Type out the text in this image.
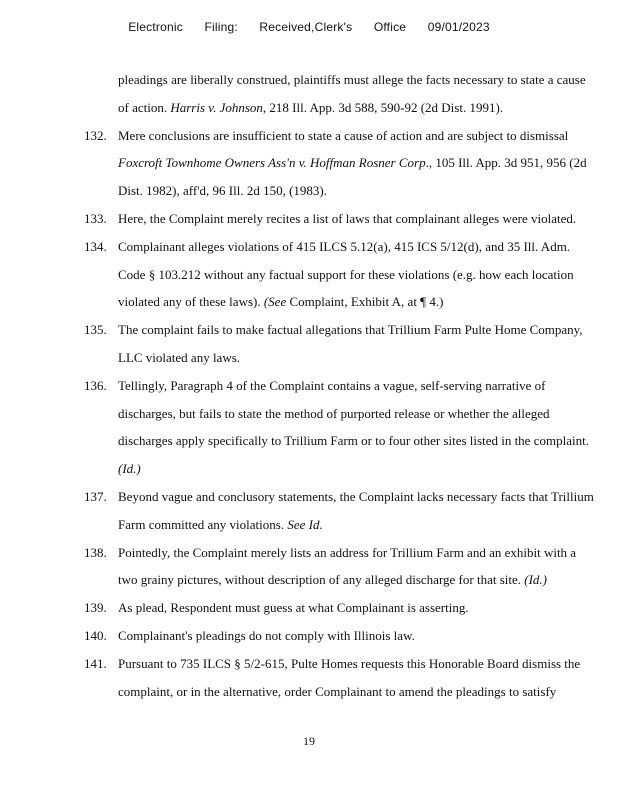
Electronic Filing: Received,Clerk's Office 09/01/2023
pleadings are liberally construed, plaintiffs must allege the facts necessary to state a cause of action. Harris v. Johnson, 218 Ill. App. 3d 588, 590-92 (2d Dist. 1991).
132. Mere conclusions are insufficient to state a cause of action and are subject to dismissal Foxcroft Townhome Owners Ass'n v. Hoffman Rosner Corp., 105 Ill. App. 3d 951, 956 (2d Dist. 1982), aff'd, 96 Ill. 2d 150, (1983).
133. Here, the Complaint merely recites a list of laws that complainant alleges were violated.
134. Complainant alleges violations of 415 ILCS 5.12(a), 415 ICS 5/12(d), and 35 Ill. Adm. Code § 103.212 without any factual support for these violations (e.g. how each location violated any of these laws). (See Complaint, Exhibit A, at ¶ 4.)
135. The complaint fails to make factual allegations that Trillium Farm Pulte Home Company, LLC violated any laws.
136. Tellingly, Paragraph 4 of the Complaint contains a vague, self-serving narrative of discharges, but fails to state the method of purported release or whether the alleged discharges apply specifically to Trillium Farm or to four other sites listed in the complaint. (Id.)
137. Beyond vague and conclusory statements, the Complaint lacks necessary facts that Trillium Farm committed any violations. See Id.
138. Pointedly, the Complaint merely lists an address for Trillium Farm and an exhibit with a two grainy pictures, without description of any alleged discharge for that site. (Id.)
139. As plead, Respondent must guess at what Complainant is asserting.
140. Complainant's pleadings do not comply with Illinois law.
141. Pursuant to 735 ILCS § 5/2-615, Pulte Homes requests this Honorable Board dismiss the complaint, or in the alternative, order Complainant to amend the pleadings to satisfy
19
